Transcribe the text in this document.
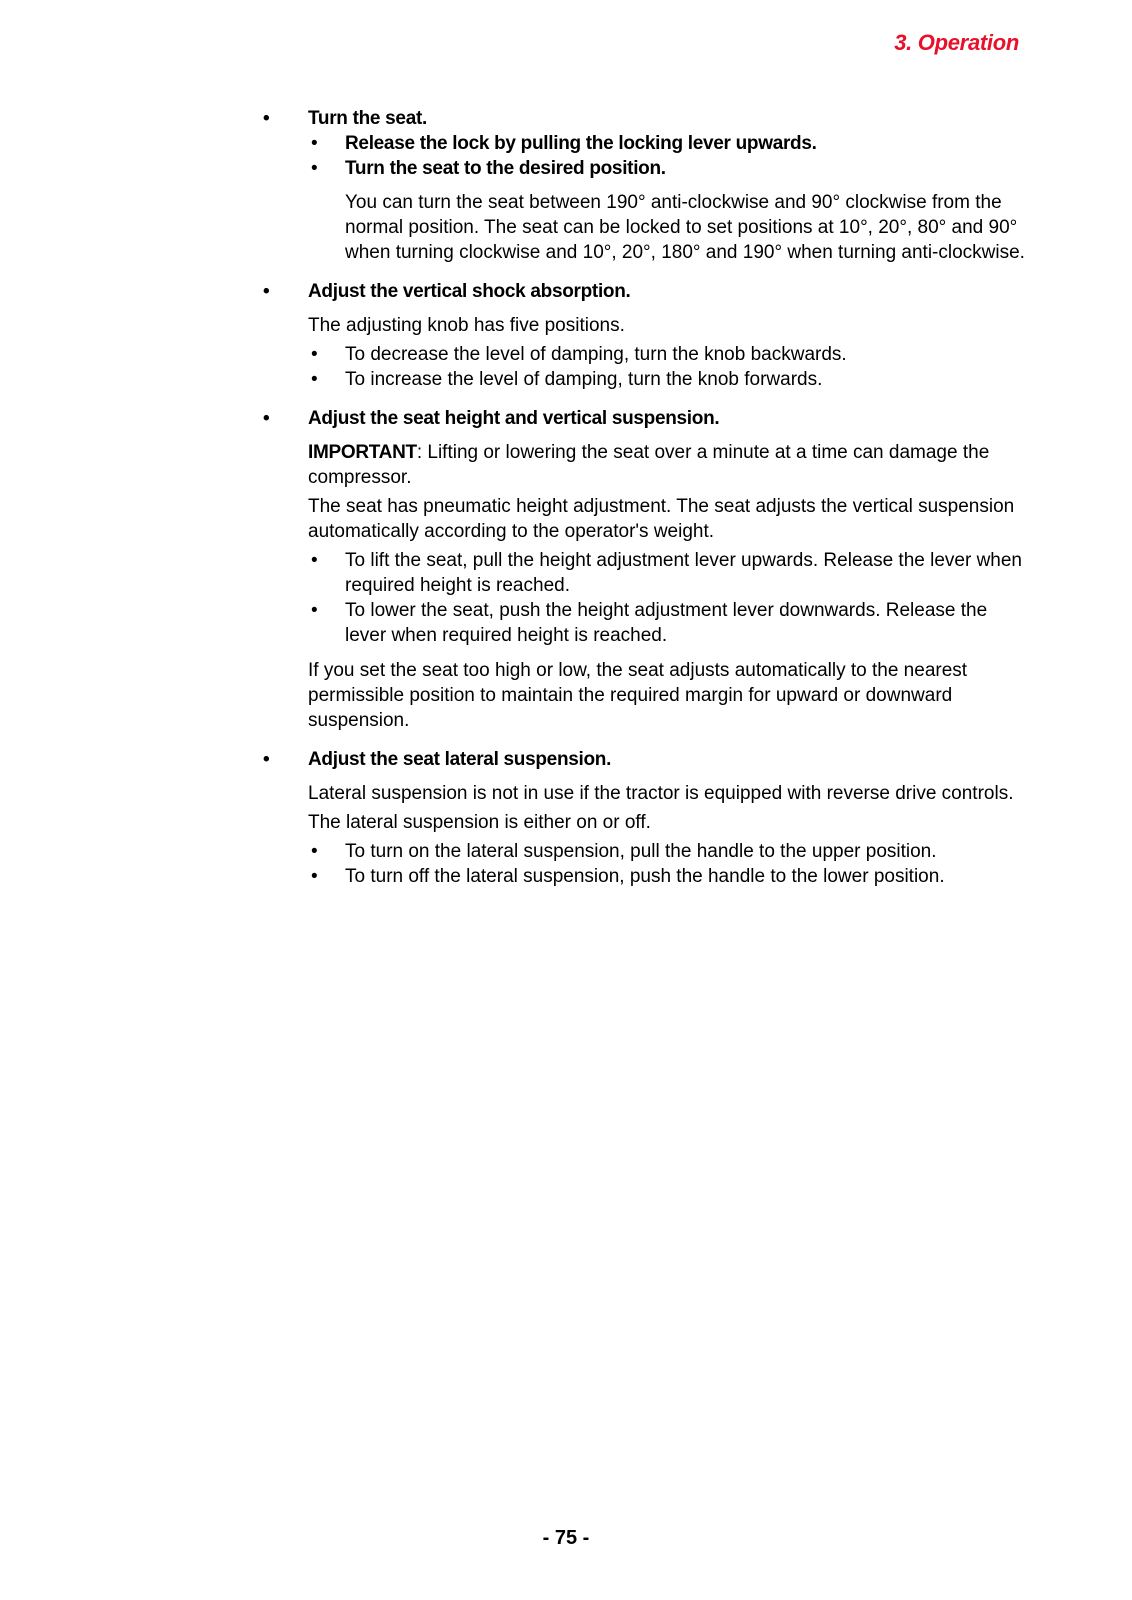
3. Operation
• Turn the seat.
• Release the lock by pulling the locking lever upwards.
• Turn the seat to the desired position.

You can turn the seat between 190° anti-clockwise and 90° clockwise from the normal position. The seat can be locked to set positions at 10°, 20°, 80° and 90° when turning clockwise and 10°, 20°, 180° and 190° when turning anti-clockwise.

• Adjust the vertical shock absorption.

The adjusting knob has five positions.

• To decrease the level of damping, turn the knob backwards.
• To increase the level of damping, turn the knob forwards.
• Adjust the seat height and vertical suspension.

IMPORTANT: Lifting or lowering the seat over a minute at a time can damage the compressor.

The seat has pneumatic height adjustment. The seat adjusts the vertical suspension automatically according to the operator's weight.

• To lift the seat, pull the height adjustment lever upwards. Release the lever when required height is reached.
• To lower the seat, push the height adjustment lever downwards. Release the lever when required height is reached.

If you set the seat too high or low, the seat adjusts automatically to the nearest permissible position to maintain the required margin for upward or downward suspension.

• Adjust the seat lateral suspension.

Lateral suspension is not in use if the tractor is equipped with reverse drive controls.

The lateral suspension is either on or off.

• To turn on the lateral suspension, pull the handle to the upper position.
• To turn off the lateral suspension, push the handle to the lower position.
- 75 -
